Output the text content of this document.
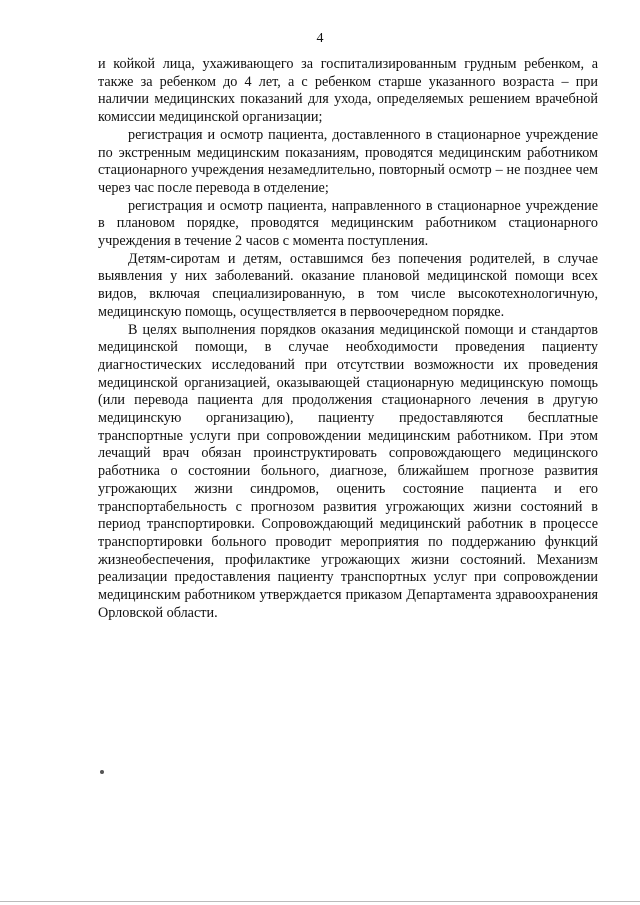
4

и койкой лица, ухаживающего за госпитализированным грудным ребенком, а также за ребенком до 4 лет, а с ребенком старше указанного возраста – при наличии медицинских показаний для ухода, определяемых решением врачебной комиссии медицинской организации;

регистрация и осмотр пациента, доставленного в стационарное учреждение по экстренным медицинским показаниям, проводятся медицинским работником стационарного учреждения незамедлительно, повторный осмотр – не позднее чем через час после перевода в отделение;

регистрация и осмотр пациента, направленного в стационарное учреждение в плановом порядке, проводятся медицинским работником стационарного учреждения в течение 2 часов с момента поступления.

Детям-сиротам и детям, оставшимся без попечения родителей, в случае выявления у них заболеваний. оказание плановой медицинской помощи всех видов, включая специализированную, в том числе высокотехнологичную, медицинскую помощь, осуществляется в первоочередном порядке.

В целях выполнения порядков оказания медицинской помощи и стандартов медицинской помощи, в случае необходимости проведения пациенту диагностических исследований при отсутствии возможности их проведения медицинской организацией, оказывающей стационарную медицинскую помощь (или перевода пациента для продолжения стационарного лечения в другую медицинскую организацию), пациенту предоставляются бесплатные транспортные услуги при сопровождении медицинским работником. При этом лечащий врач обязан проинструктировать сопровождающего медицинского работника о состоянии больного, диагнозе, ближайшем прогнозе развития угрожающих жизни синдромов, оценить состояние пациента и его транспортабельность с прогнозом развития угрожающих жизни состояний в период транспортировки. Сопровождающий медицинский работник в процессе транспортировки больного проводит мероприятия по поддержанию функций жизнеобеспечения, профилактике угрожающих жизни состояний. Механизм реализации предоставления пациенту транспортных услуг при сопровождении медицинским работником утверждается приказом Департамента здравоохранения Орловской области.
